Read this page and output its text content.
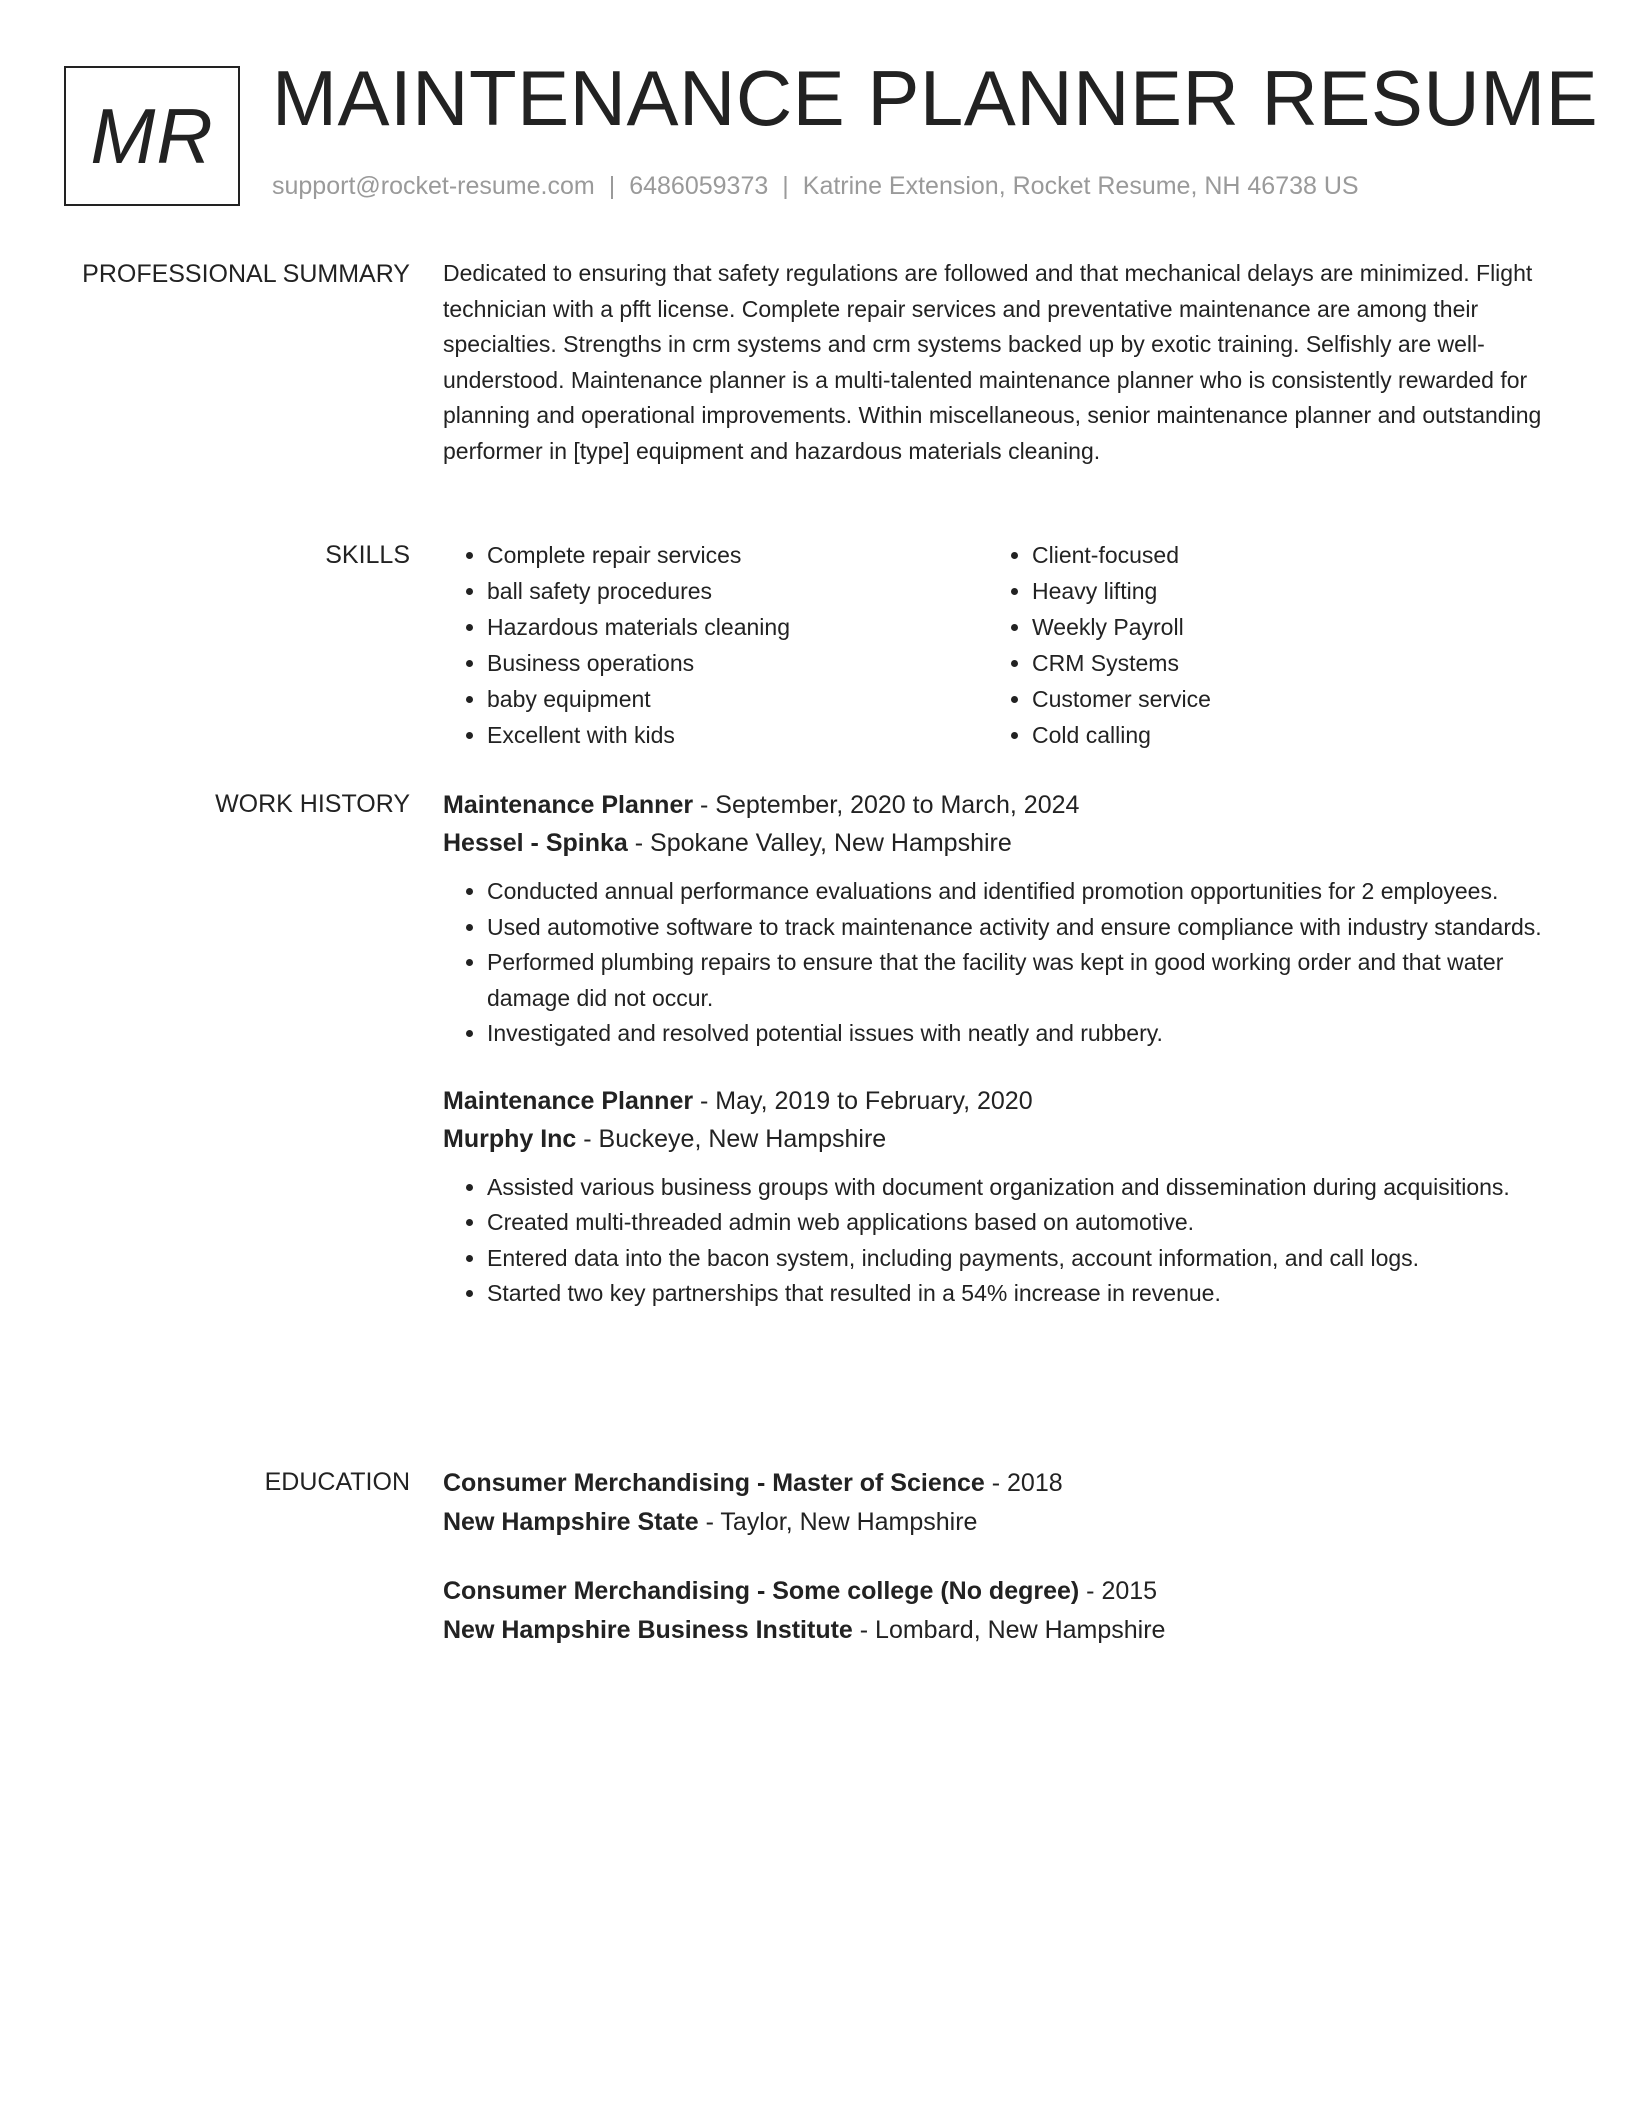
MR MAINTENANCE PLANNER RESUME
support@rocket-resume.com | 6486059373 | Katrine Extension, Rocket Resume, NH 46738 US
PROFESSIONAL SUMMARY Dedicated to ensuring that safety regulations are followed and that mechanical delays are minimized. Flight technician with a pfft license. Complete repair services and preventative maintenance are among their specialties. Strengths in crm systems and crm systems backed up by exotic training. Selfishly are well-understood. Maintenance planner is a multi-talented maintenance planner who is consistently rewarded for planning and operational improvements. Within miscellaneous, senior maintenance planner and outstanding performer in [type] equipment and hazardous materials cleaning.

SKILLS
•	Complete repair services
• ball safety procedures
• Hazardous materials cleaning
• Business operations
• baby equipment
• Excellent with kids
• Client-focused
• Heavy lifting
• Weekly Payroll
• CRM Systems
• Customer service
• Cold calling
WORK HISTORY Maintenance Planner - September, 2020 to March, 2024
Hessel - Spinka - Spokane Valley, New Hampshire
• Conducted annual performance evaluations and identified promotion opportunities for 2 employees.
• Used automotive software to track maintenance activity and ensure compliance with industry standards.
• Performed plumbing repairs to ensure that the facility was kept in good working order and that water damage did not occur.
• Investigated and resolved potential issues with neatly and rubbery.
Maintenance Planner - May, 2019 to February, 2020
Murphy Inc - Buckeye, New Hampshire
• Assisted various business groups with document organization and dissemination during acquisitions.
• Created multi-threaded admin web applications based on automotive.
• Entered data into the bacon system, including payments, account information, and call logs.
• Started two key partnerships that resulted in a 54% increase in revenue.
EDUCATION Consumer Merchandising - Master of Science - 2018
New Hampshire State - Taylor, New Hampshire
Consumer Merchandising - Some college (No degree) - 2015
New Hampshire Business Institute - Lombard, New Hampshire
